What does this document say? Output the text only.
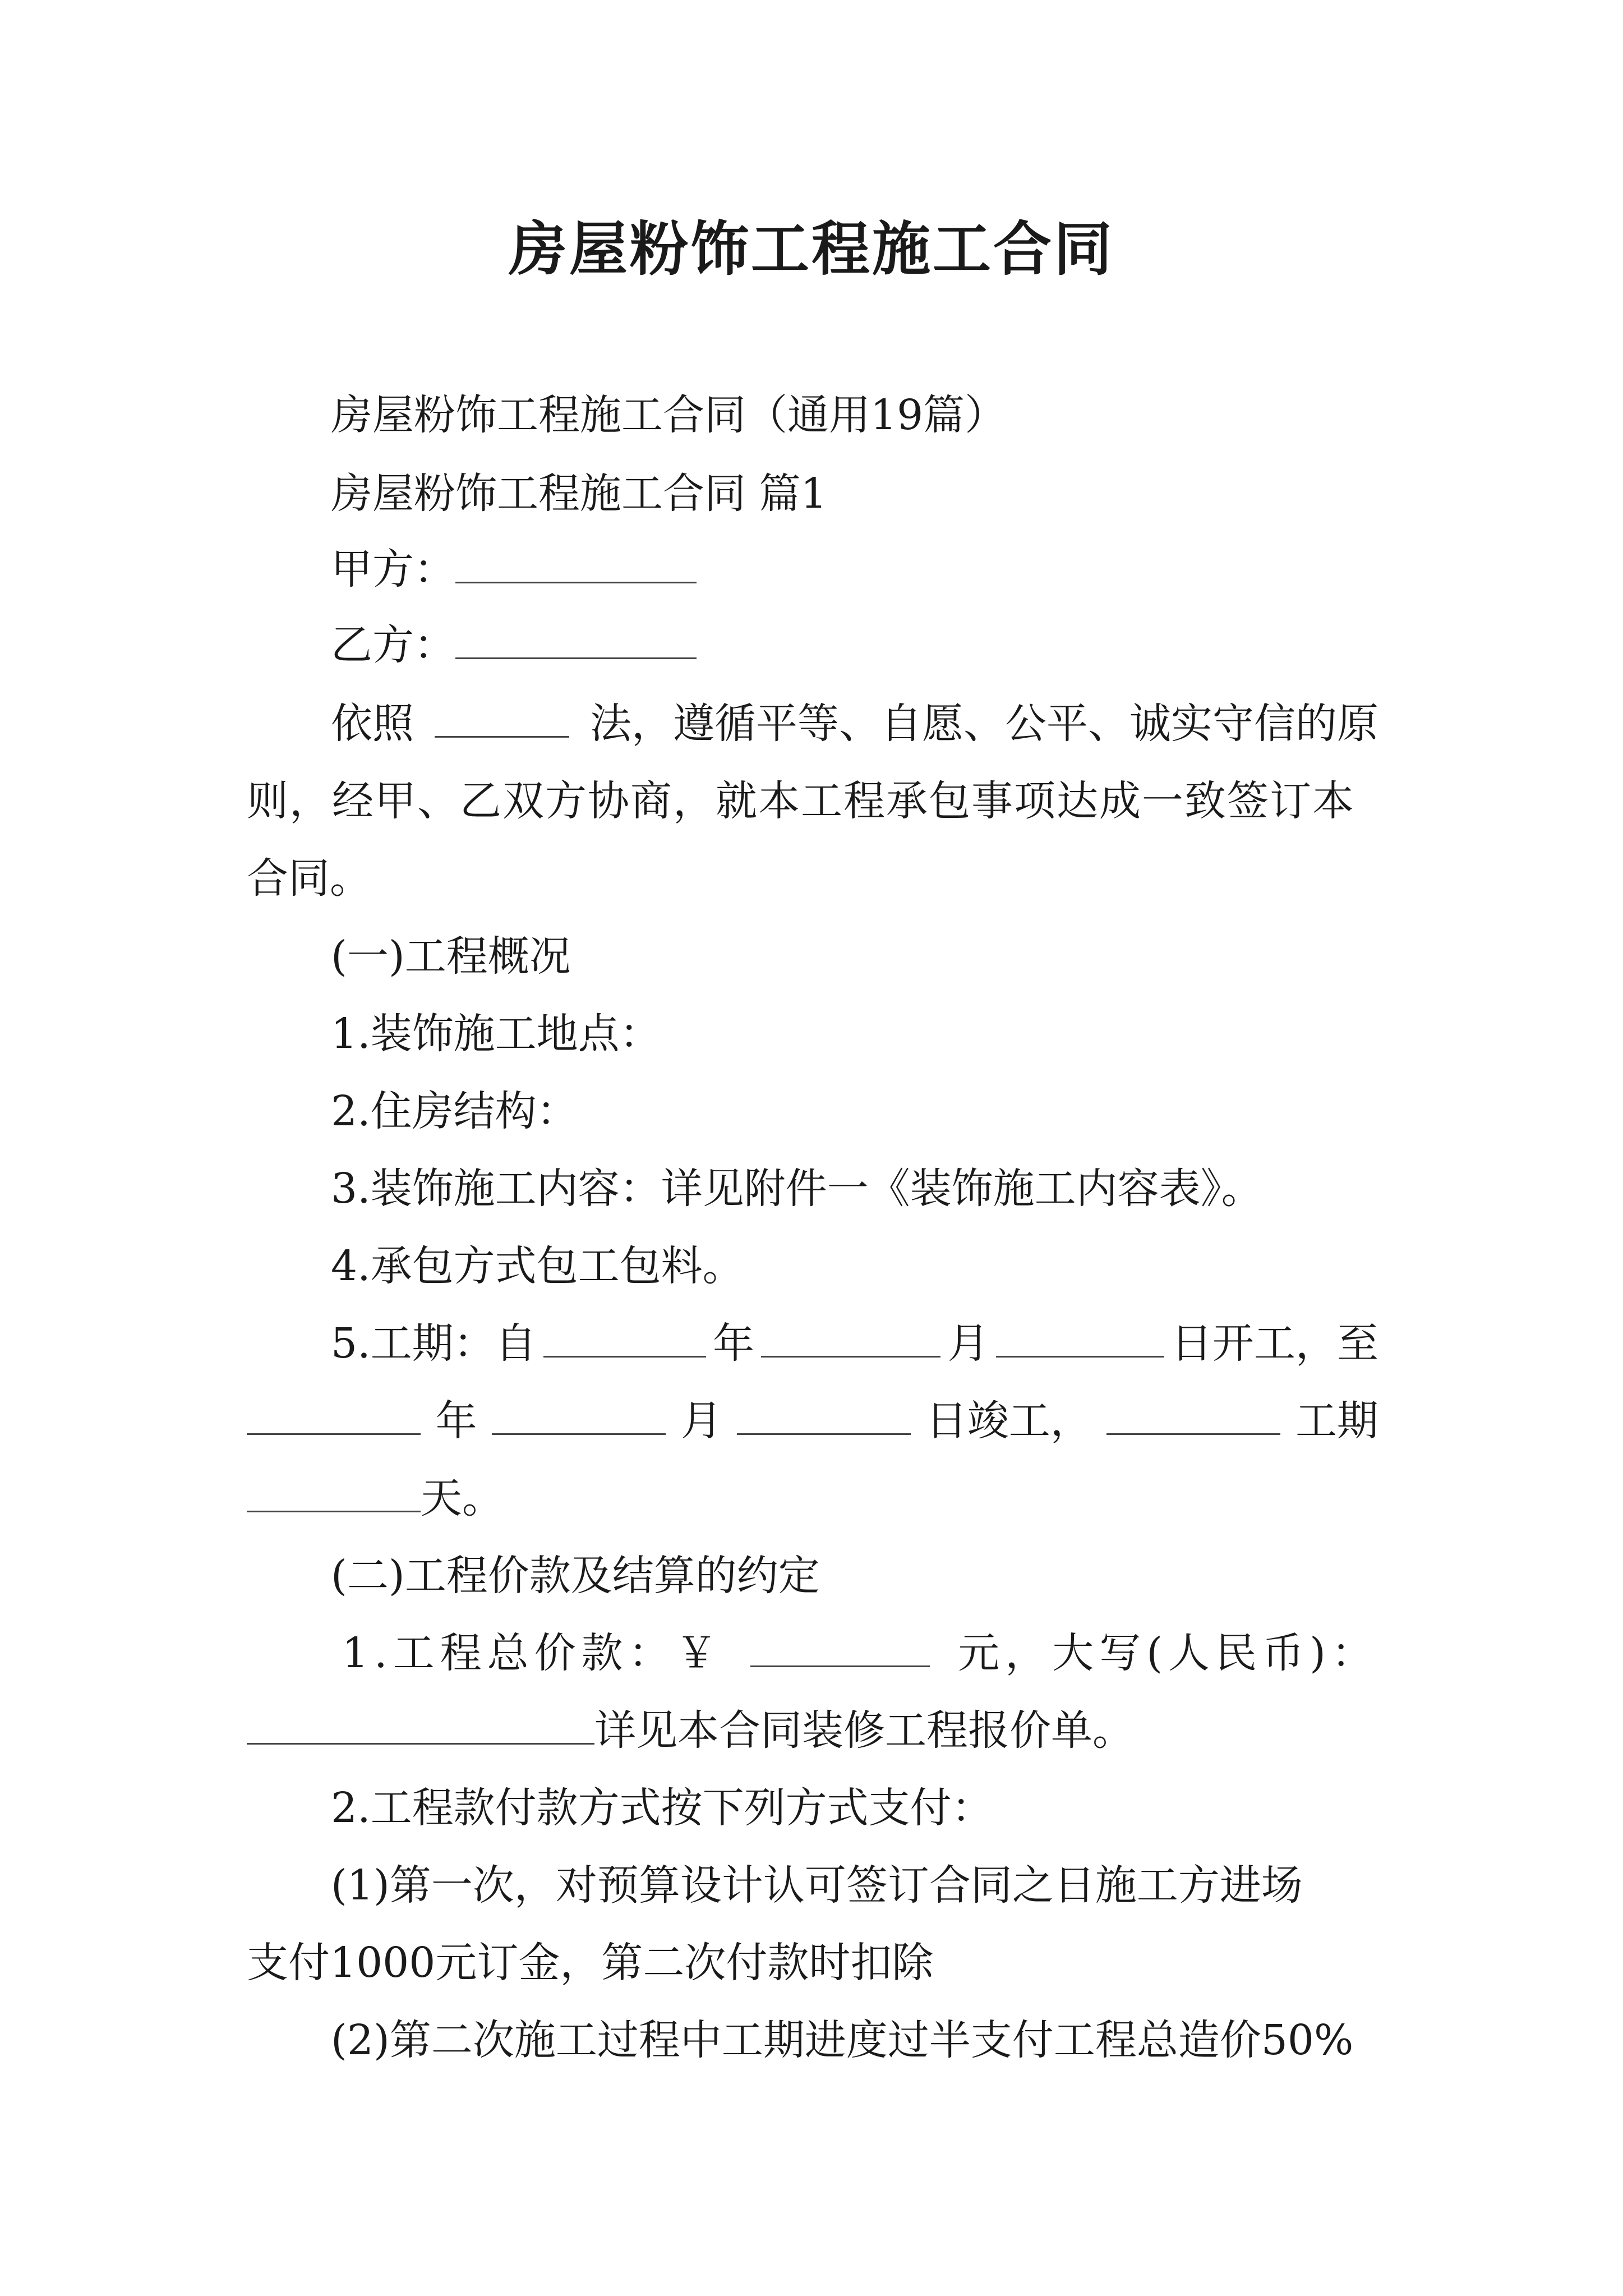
房屋粉饰工程施工合同

房屋粉饰工程施工合同（通用19篇）

房屋粉饰工程施工合同 篇1

甲方：

乙方：

依照	法，遵循平等、自愿、公平、诚实守信的原

则，经甲、乙双方协商，就本工程承包事项达成一致签订本

合同。

(一)工程概况

1.装饰施工地点：

2.住房结构：

3.装饰施工内容：详见附件一《装饰施工内容表》。

4.承包方式包工包料。

5.工期：自	年	月	日开工，至

年	月	日竣工，	工期

天。

(二)工程价款及结算的约定

1.工程总价款：￥	元，大写(人民币)：

详见本合同装修工程报价单。

2.工程款付款方式按下列方式支付：

(1)第一次，对预算设计认可签订合同之日施工方进场

支付1000元订金，第二次付款时扣除

(2)第二次施工过程中工期进度过半支付工程总造价50%
